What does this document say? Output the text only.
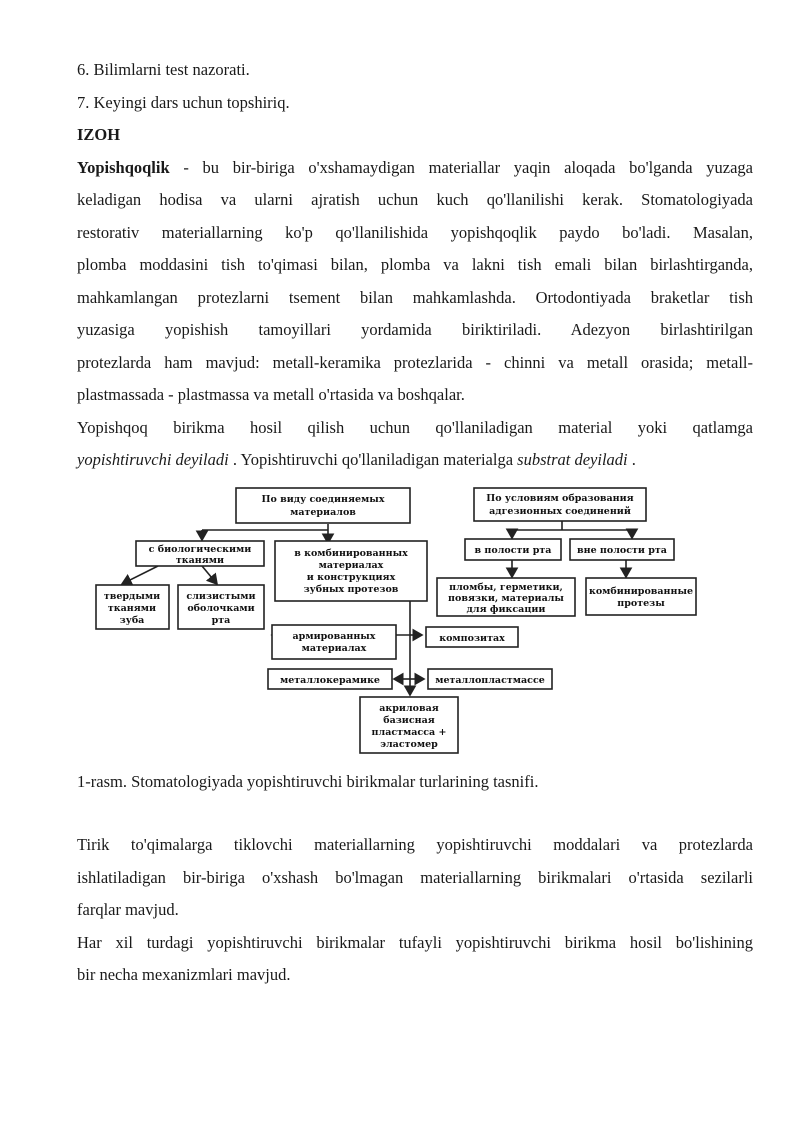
6. Bilimlarni test nazorati.

7. Keyingi dars uchun topshiriq.

IZOH

Yopishqoqlik - bu bir-biriga o'xshamaydigan materiallar yaqin aloqada bo'lganda yuzaga

keladigan hodisa va ularni ajratish uchun kuch qo'llanilishi kerak. Stomatologiyada

restorativ materiallarning ko'p qo'llanilishida yopishqoqlik paydo bo'ladi. Masalan,

plomba moddasini tish to'qimasi bilan, plomba va lakni tish emali bilan birlashtirganda,

mahkamlangan protezlarni tsement bilan mahkamlashda. Ortodontiyada braketlar tish

yuzasiga yopishish tamoyillari yordamida biriktiriladi. Adezyon birlashtirilgan

protezlarda ham mavjud: metall-keramika protezlarida - chinni va metall orasida; metall-

plastmassada - plastmassa va metall o'rtasida va boshqalar.

Yopishqoq birikma hosil qilish uchun qo'llaniladigan material yoki qatlamga

yopishtiruvchi deyiladi . Yopishtiruvchi qo'llaniladigan materialga substrat deyiladi .

По виду соединяемых
материалов
По условиям образования
адгезионных соединений
с биологическими
тканями
в комбинированных
материалах
и конструкциях
зубных протезов
в полости рта	вне полости рта
твердыми
тканями
зуба
слизистыми
оболочками
рта
пломбы, герметики,
повязки, материалы
для фиксации
комбинированные
протезы
армированных
материалах
композитах
металлокерамике	металлопластмассе
акриловая
базисная
пластмасса +
эластомер

1-rasm. Stomatologiyada yopishtiruvchi birikmalar turlarining tasnifi.

Tirik to'qimalarga tiklovchi materiallarning yopishtiruvchi moddalari va protezlarda

ishlatiladigan bir-biriga o'xshash bo'lmagan materiallarning birikmalari o'rtasida sezilarli

farqlar mavjud.

Har xil turdagi yopishtiruvchi birikmalar tufayli yopishtiruvchi birikma hosil bo'lishining

bir necha mexanizmlari mavjud.
